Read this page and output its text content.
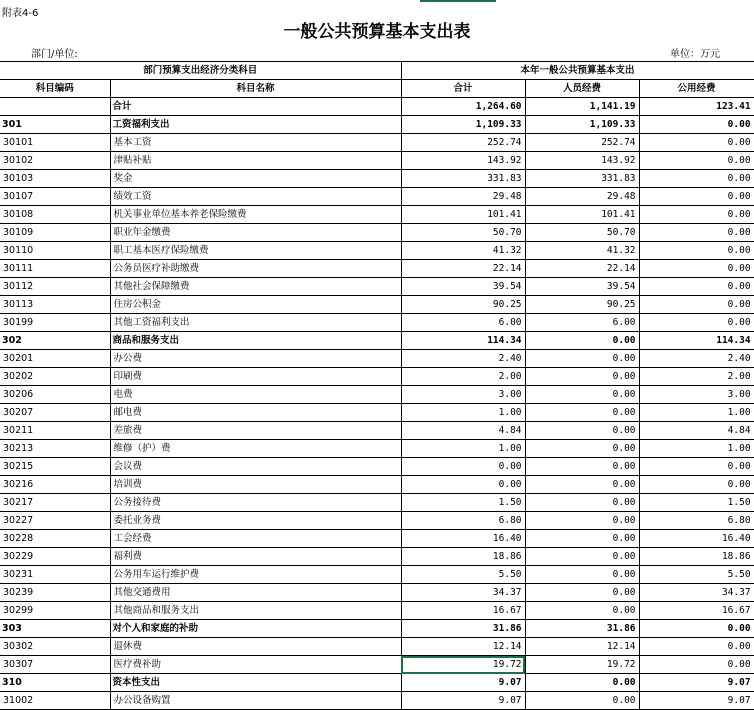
附表4-6
一般公共预算基本支出表
部门/单位:	单位：万元
部门预算支出经济分类科目		本年一般公共预算基本支出		
科目编码	科目名称	合计	人员经费	公用经费
	合计	1,264.60	1,141.19	123.41
301	工资福利支出	1,109.33	1,109.33	0.00
30101	基本工资	252.74	252.74	0.00
30102	津贴补贴	143.92	143.92	0.00
30103	奖金	331.83	331.83	0.00
30107	绩效工资	29.48	29.48	0.00
30108	机关事业单位基本养老保险缴费	101.41	101.41	0.00
30109	职业年金缴费	50.70	50.70	0.00
30110	职工基本医疗保险缴费	41.32	41.32	0.00
30111	公务员医疗补助缴费	22.14	22.14	0.00
30112	其他社会保障缴费	39.54	39.54	0.00
30113	住房公积金	90.25	90.25	0.00
30199	其他工资福利支出	6.00	6.00	0.00
302	商品和服务支出	114.34	0.00	114.34
30201	办公费	2.40	0.00	2.40
30202	印刷费	2.00	0.00	2.00
30206	电费	3.00	0.00	3.00
30207	邮电费	1.00	0.00	1.00
30211	差旅费	4.84	0.00	4.84
30213	维修（护）费	1.00	0.00	1.00
30215	会议费	0.00	0.00	0.00
30216	培训费	0.00	0.00	0.00
30217	公务接待费	1.50	0.00	1.50
30227	委托业务费	6.80	0.00	6.80
30228	工会经费	16.40	0.00	16.40
30229	福利费	18.86	0.00	18.86
30231	公务用车运行维护费	5.50	0.00	5.50
30239	其他交通费用	34.37	0.00	34.37
30299	其他商品和服务支出	16.67	0.00	16.67
303	对个人和家庭的补助	31.86	31.86	0.00
30302	退休费	12.14	12.14	0.00
30307	医疗费补助	19.72	19.72	0.00
310	资本性支出	9.07	0.00	9.07
31002	办公设备购置	9.07	0.00	9.07
